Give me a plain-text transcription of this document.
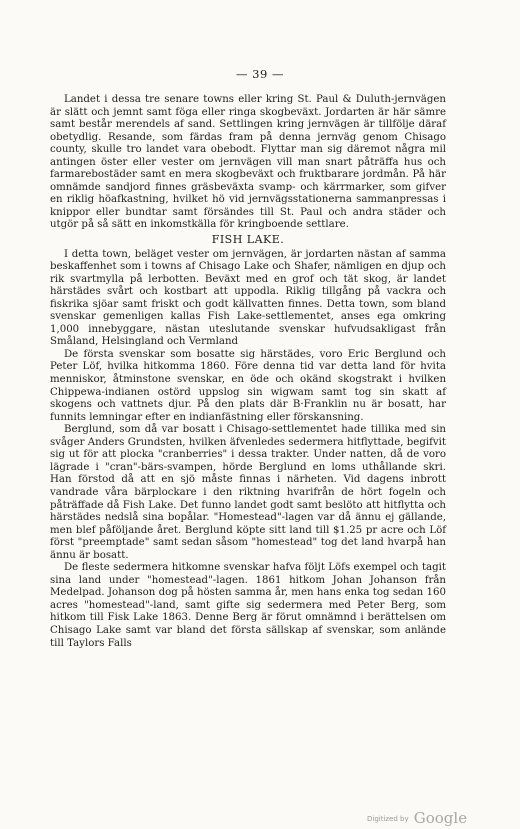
— 39 —

Landet i dessa tre senare towns eller kring St. Paul & Duluth-jernvägen är slätt och jemnt samt föga eller ringa skogbeväxt. Jordarten är här sämre samt består merendels af sand. Settlingen kring jernvägen är tillfölje däraf obetydlig. Resande, som färdas fram på denna jernväg genom Chisago county, skulle tro landet vara obebodt. Flyttar man sig däremot några mil antingen öster eller vester om jernvägen vill man snart påträffa hus och farmarebostäder samt en mera skogbeväxt och fruktbarare jordmån. På här omnämde sandjord finnes gräsbeväxta svamp- och kärrmarker, som gifver en riklig höafkastning, hvilket hö vid jernvägsstationerna sammanpressas i knippor eller bundtar samt försändes till St. Paul och andra städer och utgör på så sätt en inkomstkälla för kringboende settlare.

FISH LAKE.

I detta town, beläget vester om jernvägen, är jordarten nästan af samma beskaffenhet som i towns af Chisago Lake och Shafer, nämligen en djup och rik svartmylla på lerbotten. Beväxt med en grof och tät skog, är landet härstädes svårt och kostbart att uppodla. Riklig tillgång på vackra och fiskrika sjöar samt friskt och godt källvatten finnes. Detta town, som bland svenskar gemenligen kallas Fish Lake-settlementet, anses ega omkring 1,000 innebyggare, nästan uteslutande svenskar hufvudsakligast från Småland, Helsingland och Vermland

De första svenskar som bosatte sig härstädes, voro Eric Berglund och Peter Löf, hvilka hitkomma 1860. Före denna tid var detta land för hvita menniskor, åtminstone svenskar, en öde och okänd skogstrakt i hvilken Chippewa-indianen ostörd uppslog sin wigwam samt tog sin skatt af skogens och vattnets djur. På den plats där B·Franklin nu är bosatt, har funnits lemningar efter en indianfästning eller förskansning.

Berglund, som då var bosatt i Chisago-settlementet hade tillika med sin svåger Anders Grundsten, hvilken äfvenledes sedermera hitflyttade, begifvit sig ut för att plocka "cranberries" i dessa trakter. Under natten, då de voro lägrade i "cran"-bärs-svampen, hörde Berglund en loms uthållande skri. Han förstod då att en sjö måste finnas i närheten. Vid dagens inbrott vandrade våra bärplockare i den riktning hvarifrån de hört fogeln och påträffade då Fish Lake. Det funno landet godt samt beslöto att hitflytta och härstädes nedslå sina bopålar. "Homestead"-lagen var då ännu ej gällande, men blef påföljande året. Berglund köpte sitt land till $1.25 pr acre och Löf först "preemptade" samt sedan såsom "homestead" tog det land hvarpå han ännu är bosatt.

De fleste sedermera hitkomne svenskar hafva följt Löfs exempel och tagit sina land under "homestead"-lagen. 1861 hitkom Johan Johanson från Medelpad. Johanson dog på hösten samma år, men hans enka tog sedan 160 acres "homestead"-land, samt gifte sig sedermera med Peter Berg, som hitkom till Fisk Lake 1863. Denne Berg är förut omnämnd i berättelsen om Chisago Lake samt var bland det första sällskap af svenskar, som anlände till Taylors Falls

Digitized by Google
